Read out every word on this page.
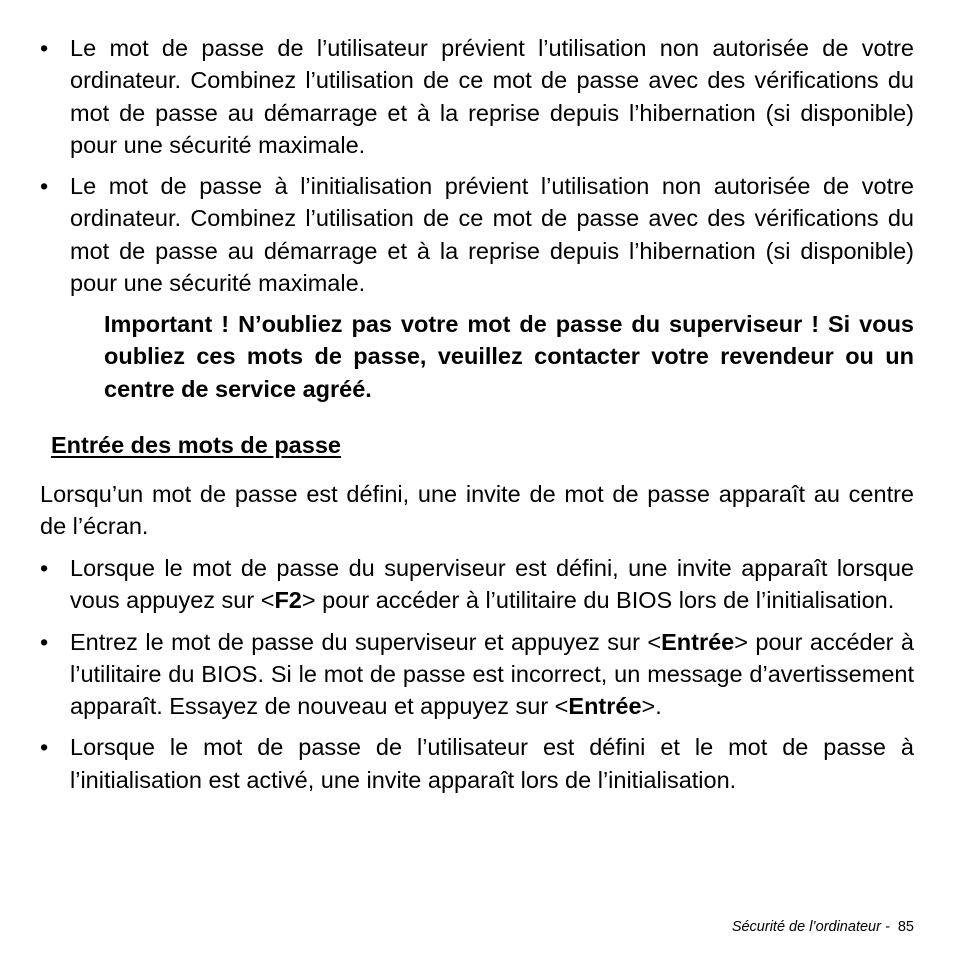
• Le mot de passe de l’utilisateur prévient l’utilisation non autorisée de votre ordinateur. Combinez l’utilisation de ce mot de passe avec des vérifications du mot de passe au démarrage et à la reprise depuis l’hibernation (si disponible) pour une sécurité maximale.
• Le mot de passe à l’initialisation prévient l’utilisation non autorisée de votre ordinateur. Combinez l’utilisation de ce mot de passe avec des vérifications du mot de passe au démarrage et à la reprise depuis l’hibernation (si disponible) pour une sécurité maximale.

Important ! N’oubliez pas votre mot de passe du superviseur ! Si vous oubliez ces mots de passe, veuillez contacter votre revendeur ou un centre de service agréé.

Entrée des mots de passe

Lorsqu’un mot de passe est défini, une invite de mot de passe apparaît au centre de l’écran.

• Lorsque le mot de passe du superviseur est défini, une invite apparaît lorsque vous appuyez sur <F2> pour accéder à l’utilitaire du BIOS lors de l’initialisation.
• Entrez le mot de passe du superviseur et appuyez sur <Entrée> pour accéder à l’utilitaire du BIOS. Si le mot de passe est incorrect, un message d’avertissement apparaît. Essayez de nouveau et appuyez sur <Entrée>.
• Lorsque le mot de passe de l’utilisateur est défini et le mot de passe à l’initialisation est activé, une invite apparaît lors de l’initialisation.
Sécurité de l’ordinateur - 85
